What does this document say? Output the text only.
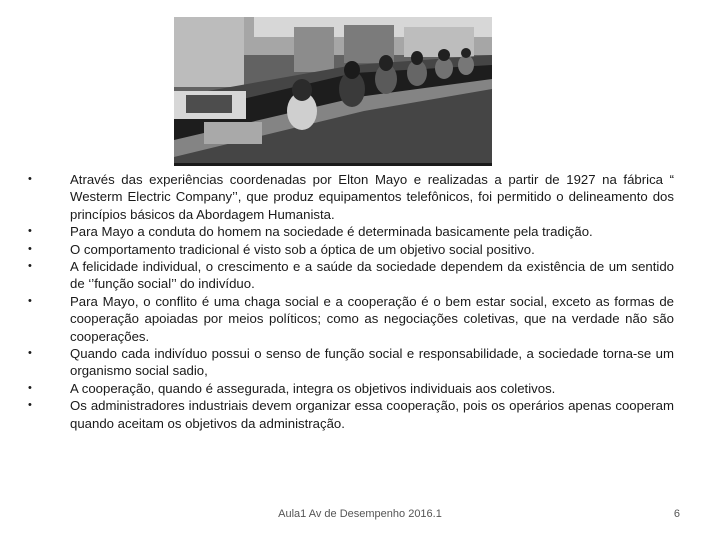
•	Através das experiências coordenadas por Elton Mayo e realizadas a partir de 1927 na fábrica “ Westerm Electric Company’’, que produz equipamentos telefônicos, foi permitido o delineamento dos princípios básicos da Abordagem Humanista.
•	Para Mayo a conduta do homem na sociedade é determinada basicamente pela tradição.
•	O comportamento tradicional é visto sob a óptica de um objetivo social positivo.
•	A felicidade individual, o crescimento e a saúde da sociedade dependem da existência de um sentido de ‘’função social’’ do indivíduo.
•	Para Mayo, o conflito é uma chaga social e a cooperação é o bem estar social, exceto as formas de cooperação apoiadas por meios políticos; como as negociações coletivas, que na verdade não são cooperações.
•	Quando cada indivíduo possui o senso de função social e responsabilidade, a sociedade torna-se um organismo social sadio,
•	A cooperação, quando é assegurada, integra os objetivos individuais aos coletivos.
•	Os administradores industriais devem organizar essa cooperação, pois os operários apenas cooperam quando aceitam os objetivos da administração.
Aula1 Av de Desempenho 2016.1	6
